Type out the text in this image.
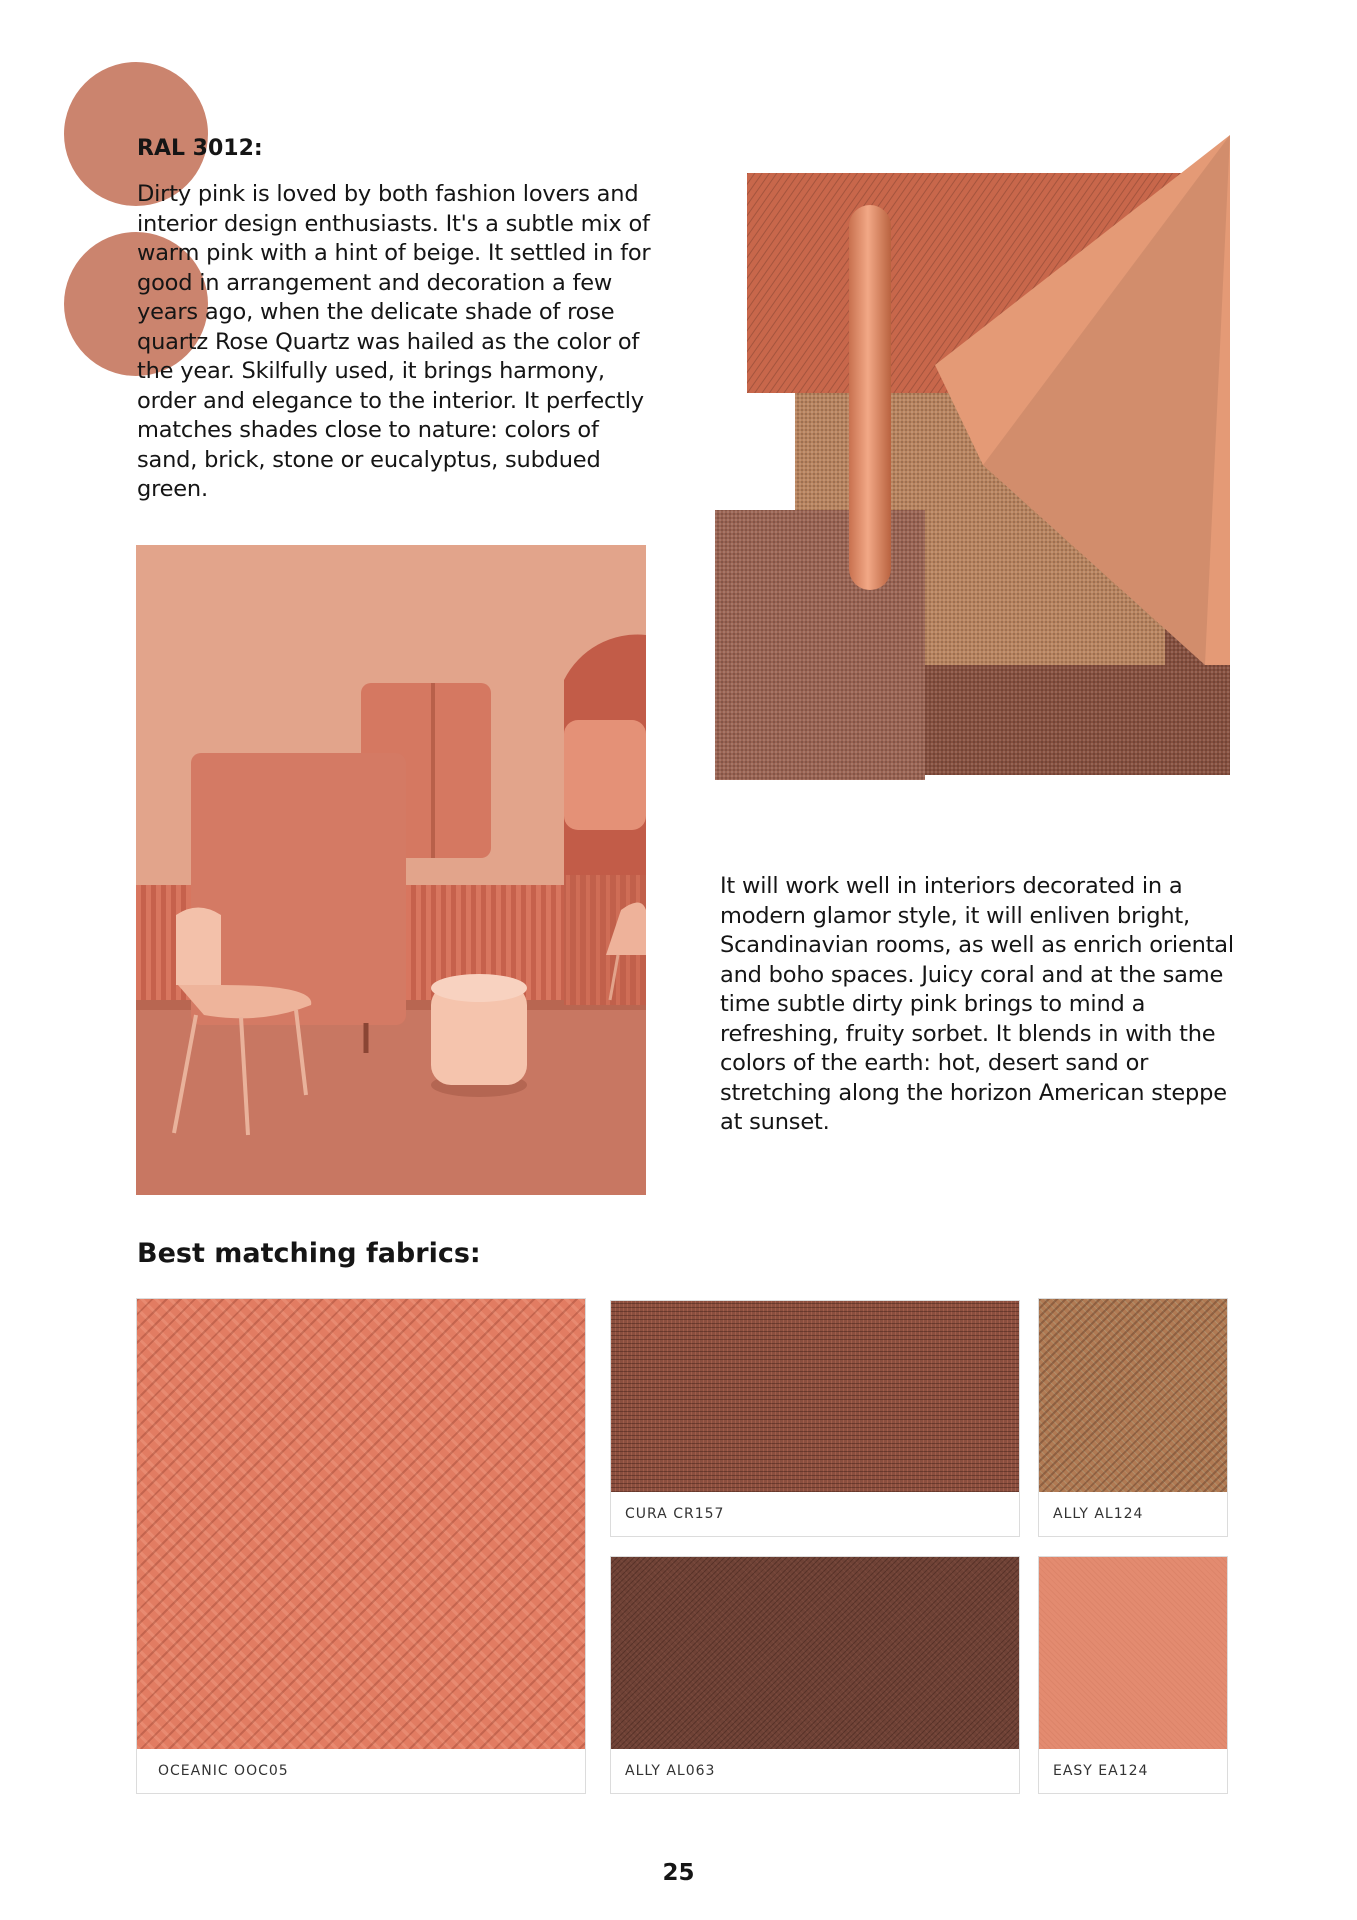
RAL 3012:

Dirty pink is loved by both fashion lovers and interior design enthusiasts. It's a subtle mix of warm pink with a hint of beige. It settled in for good in arrangement and decoration a few years ago, when the delicate shade of rose quartz Rose Quartz was hailed as the color of the year. Skilfully used, it brings harmony, order and elegance to the interior. It perfectly matches shades close to nature: colors of sand, brick, stone or eucalyptus, subdued green.

It will work well in interiors decorated in a modern glamor style, it will enliven bright, Scandinavian rooms, as well as enrich oriental and boho spaces. Juicy coral and at the same time subtle dirty pink brings to mind a refreshing, fruity sorbet. It blends in with the colors of the earth: hot, desert sand or stretching along the horizon American steppe at sunset.

Best matching fabrics:
OCEANIC OOC05
CURA CR157	ALLY AL124
ALLY AL063	EASY EA124
25
